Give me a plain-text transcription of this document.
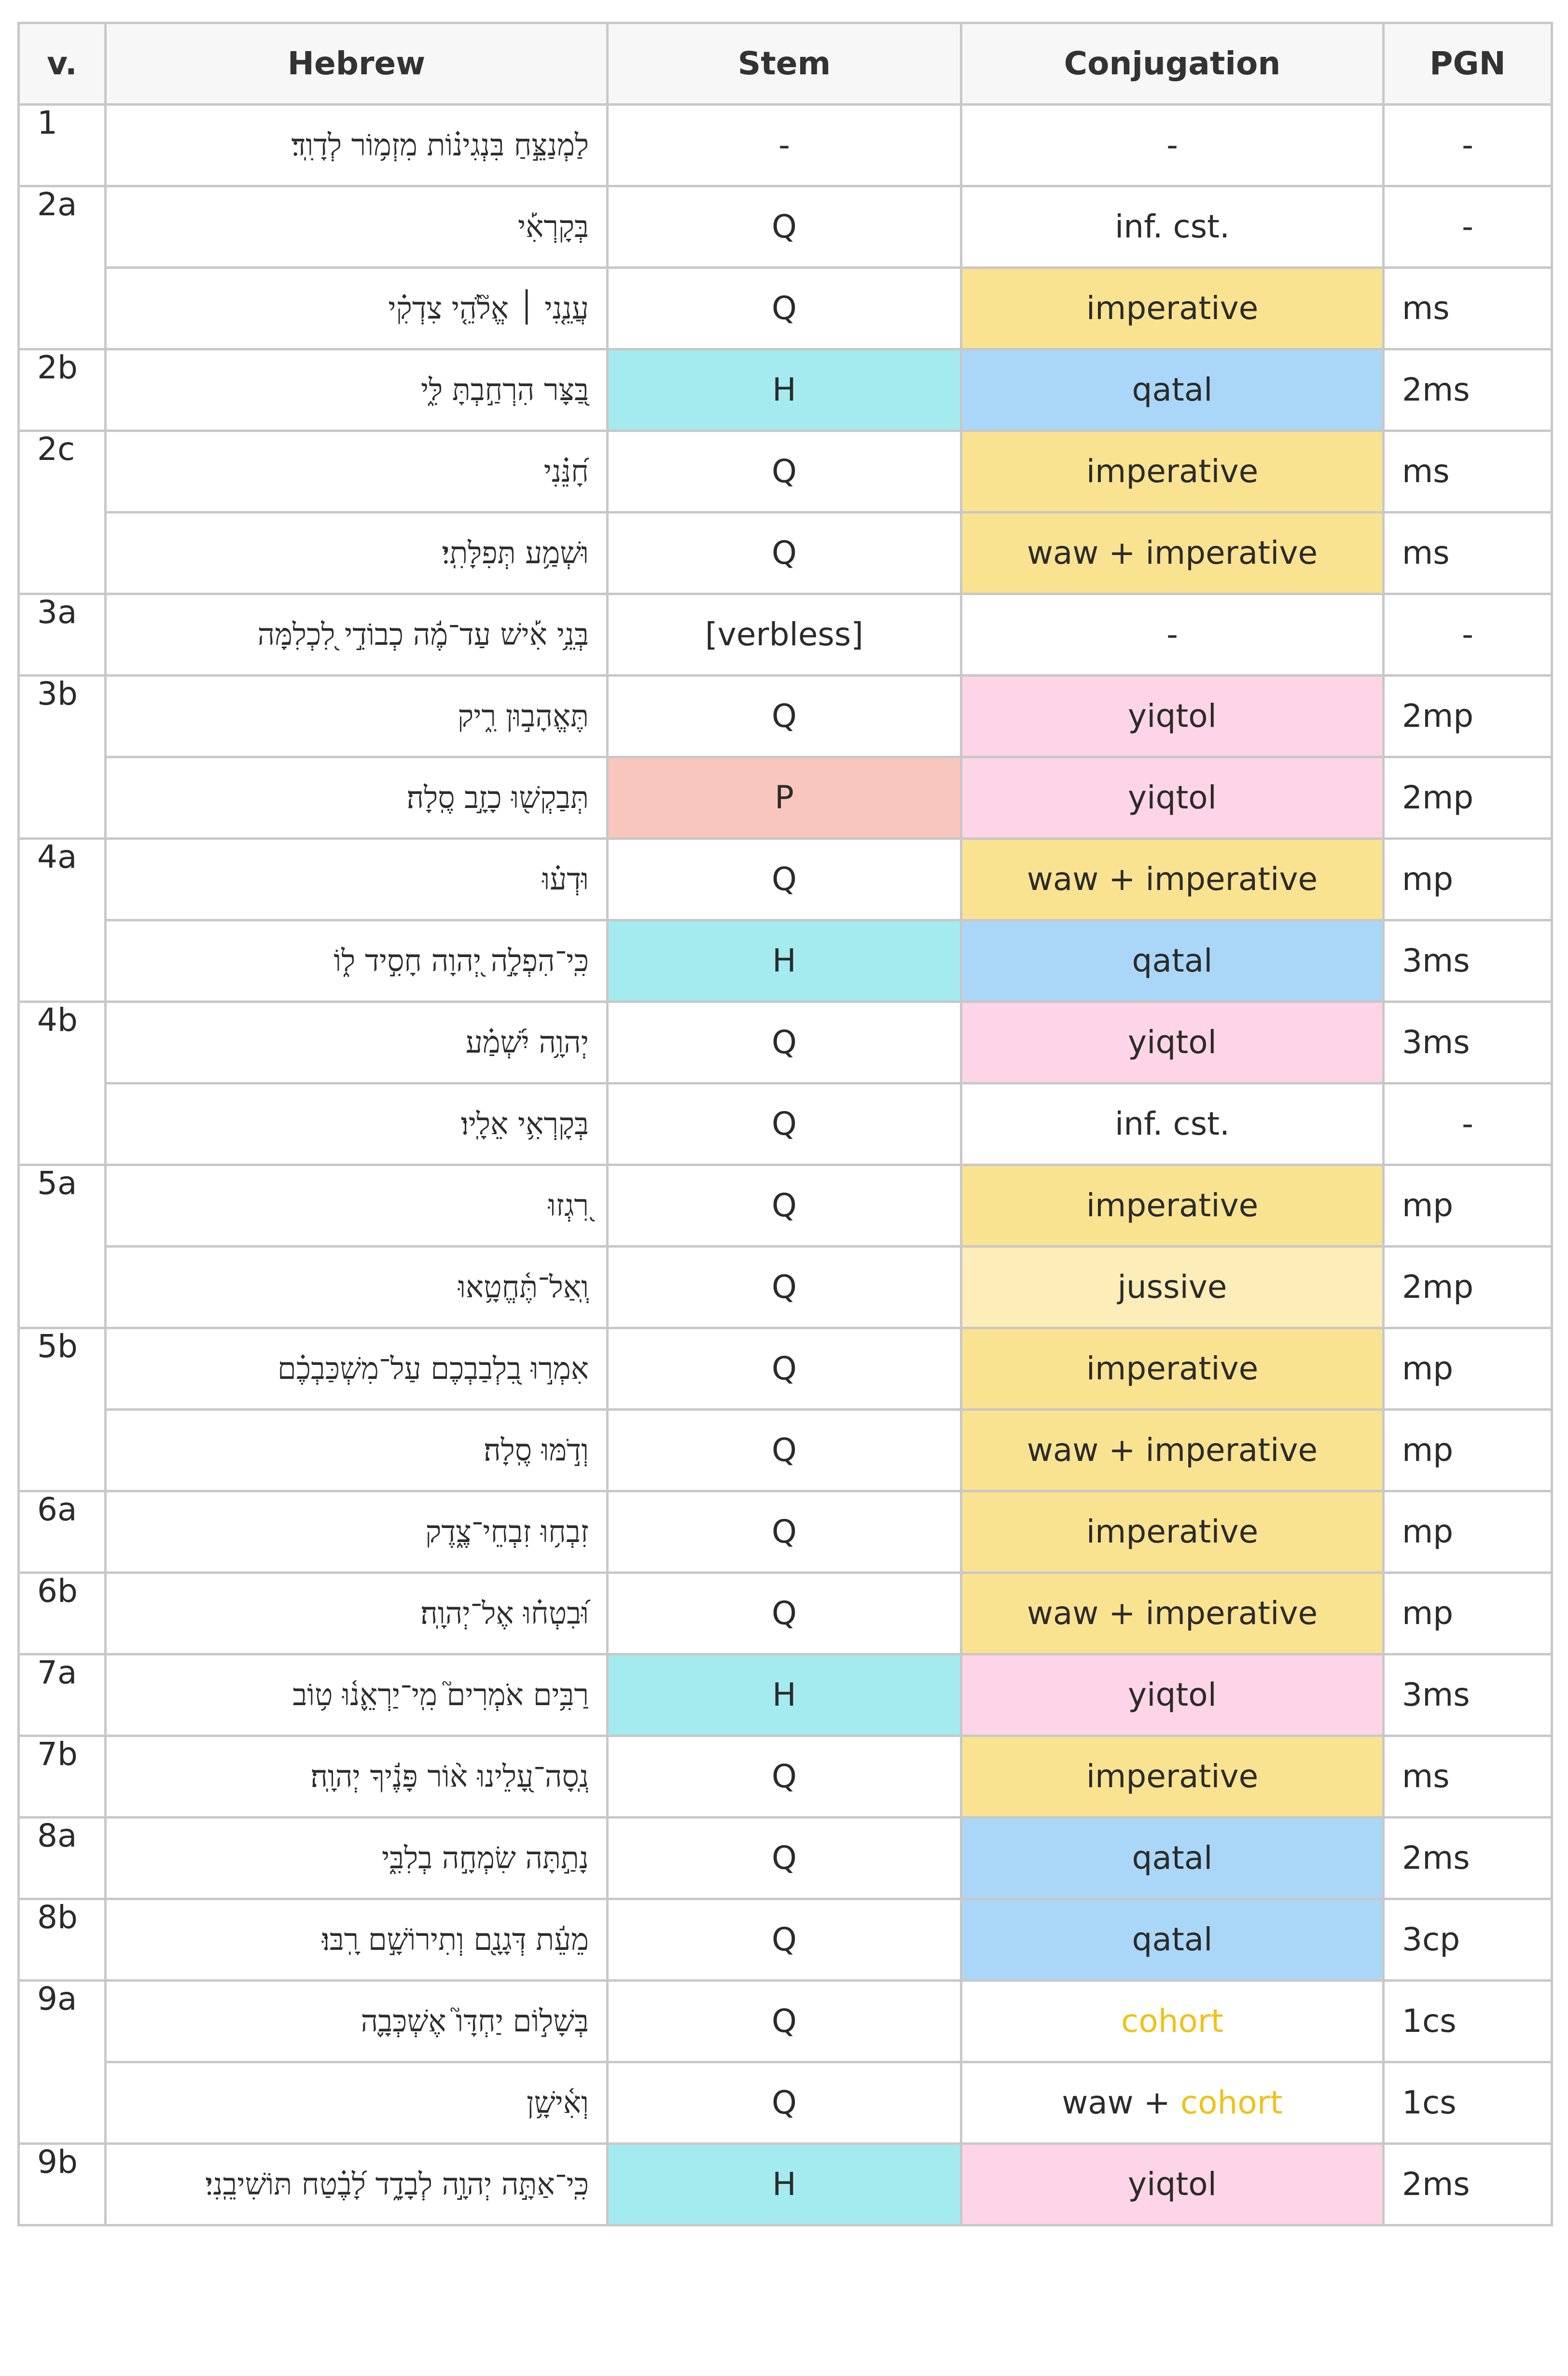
v.	Hebrew	Stem	Conjugation	PGN
1	לַמְנַצֵּ֣חַ בִּנְגִינ֗וֹת מִזְמ֥וֹר לְדָוִֽד׃	-	-	-
2a	בְּקָרְאִ֡י	Q	inf. cst.	-
	עֲנֵ֤נִי ׀ אֱלֹ֘הֵ֤י צִדְקִ֗י	Q	imperative	ms
2b	בַּ֭צָּר הִרְחַ֣בְתָּ לִּ֑י	H	qatal	2ms
2c	חָ֝נֵּ֗נִי	Q	imperative	ms
	וּשְׁמַ֥ע תְּפִלָּתִֽי׃	Q	waw + imperative	ms
3a	בְּנֵ֥י אִ֡ישׁ עַד־מֶ֬ה כְבוֹדִ֣י לִ֭כְלִמָּה	[verbless]	-	-
3b	תֶּאֱהָב֣וּן רִ֑יק	Q	yiqtol	2mp
	תְּבַקְשׁ֖וּ כָזָ֣ב סֶֽלָה׃	P	yiqtol	2mp
4a	וּדְע֗וּ	Q	waw + imperative	mp
	כִּֽי־הִפְלָ֣ה יְ֭הוָה חָסִ֣יד ל֑וֹ	H	qatal	3ms
4b	יְהוָ֥ה יִ֝שְׁמַ֗ע	Q	yiqtol	3ms
	בְּקָרְאִ֥י אֵלָֽיו׃	Q	inf. cst.	-
5a	רִ֭גְזוּ	Q	imperative	mp
	וְֽאַל־תֶּ֫חֱטָ֥אוּ	Q	jussive	2mp
5b	אִמְר֣וּ בִ֭לְבַבְכֶם עַל־מִשְׁכַּבְכֶ֗ם	Q	imperative	mp
	וְדֹ֣מּוּ סֶֽלָה׃	Q	waw + imperative	mp
6a	זִבְח֥וּ זִבְחֵי־צֶ֑דֶק	Q	imperative	mp
6b	וּ֝בִטְח֗וּ אֶל־יְהוָֽה׃	Q	waw + imperative	mp
7a	רַבִּ֥ים אֹמְרִים֮ מִֽי־יַרְאֵ֪נ֫וּ ט֥וֹב	H	yiqtol	3ms
7b	נְֽסָה־עָ֭לֵינוּ א֨וֹר פָּנֶ֬יךָ יְהוָֽה׃	Q	imperative	ms
8a	נָתַ֣תָּה שִׂמְחָ֣ה בְלִבִּ֑י	Q	qatal	2ms
8b	מֵעֵ֬ת דְּגָנָ֖ם וְתִירוֹשָׁ֣ם רָֽבּוּ׃	Q	qatal	3cp
9a	בְּשָׁל֣וֹם יַחְדָּו֮ אֶשְׁכְּבָ֪ה	Q	cohort	1cs
	וְאִ֫ישָׁ֥ן	Q	waw + cohort	1cs
9b	כִּֽי־אַתָּ֣ה יְהוָ֣ה לְבָדָ֑ד לָ֝בֶ֗טַח תּוֹשִׁיבֵֽנִי׃	H	yiqtol	2ms
